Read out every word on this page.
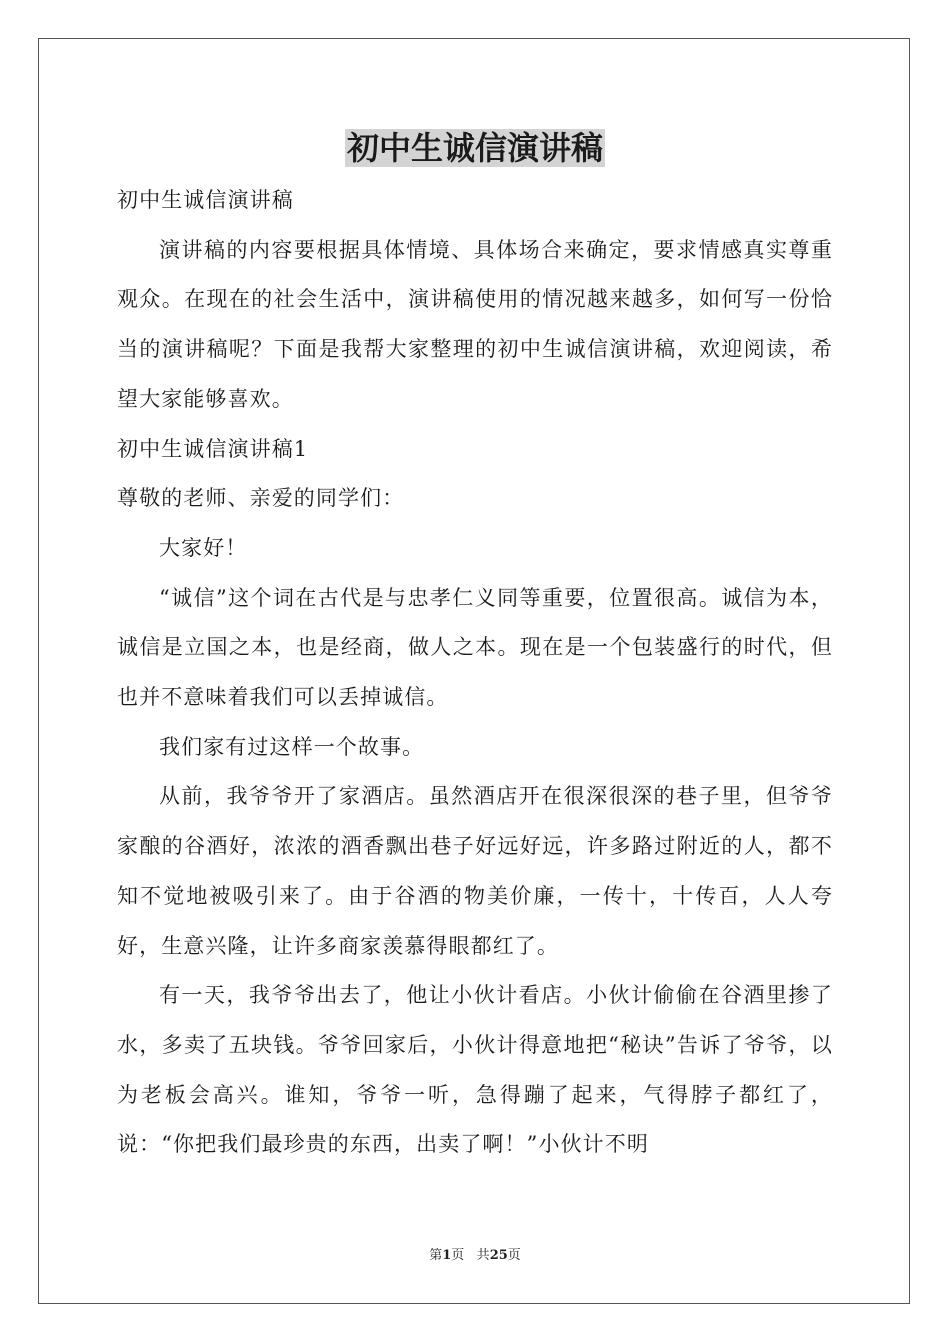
初中生诚信演讲稿

初中生诚信演讲稿

演讲稿的内容要根据具体情境、具体场合来确定，要求情感真实尊重观众。在现在的社会生活中，演讲稿使用的情况越来越多，如何写一份恰当的演讲稿呢？下面是我帮大家整理的初中生诚信演讲稿，欢迎阅读，希望大家能够喜欢。

初中生诚信演讲稿1

尊敬的老师、亲爱的同学们：

大家好！

“诚信”这个词在古代是与忠孝仁义同等重要，位置很高。诚信为本，诚信是立国之本，也是经商，做人之本。现在是一个包装盛行的时代，但也并不意味着我们可以丢掉诚信。

我们家有过这样一个故事。

从前，我爷爷开了家酒店。虽然酒店开在很深很深的巷子里，但爷爷家酿的谷酒好，浓浓的酒香飘出巷子好远好远，许多路过附近的人，都不知不觉地被吸引来了。由于谷酒的物美价廉，一传十，十传百，人人夸好，生意兴隆，让许多商家羡慕得眼都红了。

有一天，我爷爷出去了，他让小伙计看店。小伙计偷偷在谷酒里掺了水，多卖了五块钱。爷爷回家后，小伙计得意地把“秘诀”告诉了爷爷，以为老板会高兴。谁知，爷爷一听，急得蹦了起来，气得脖子都红了，说：“你把我们最珍贵的东西，出卖了啊！”小伙计不明

第1页 共25页
